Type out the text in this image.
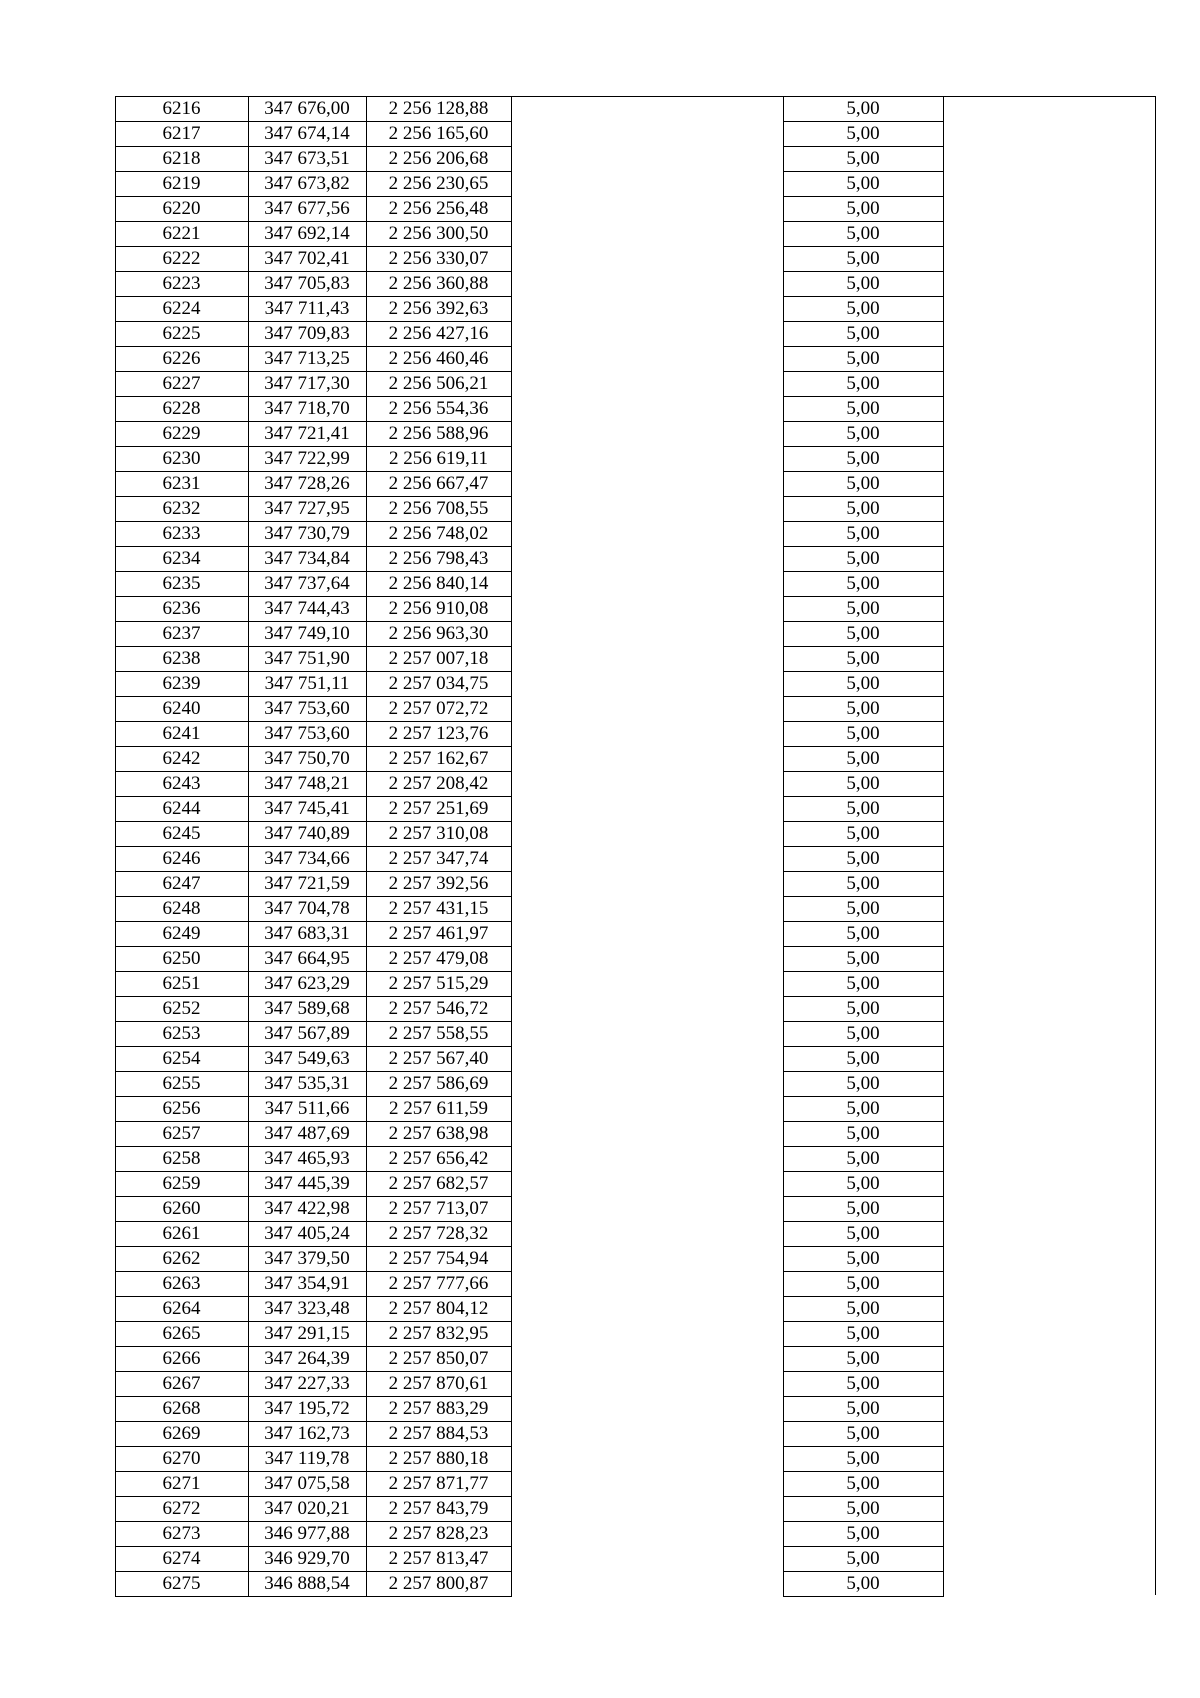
6216	347 676,00	2 256 128,88		5,00	
6217	347 674,14	2 256 165,60		5,00	
6218	347 673,51	2 256 206,68		5,00	
6219	347 673,82	2 256 230,65		5,00	
6220	347 677,56	2 256 256,48		5,00	
6221	347 692,14	2 256 300,50		5,00	
6222	347 702,41	2 256 330,07		5,00	
6223	347 705,83	2 256 360,88		5,00	
6224	347 711,43	2 256 392,63		5,00	
6225	347 709,83	2 256 427,16		5,00	
6226	347 713,25	2 256 460,46		5,00	
6227	347 717,30	2 256 506,21		5,00	
6228	347 718,70	2 256 554,36		5,00	
6229	347 721,41	2 256 588,96		5,00	
6230	347 722,99	2 256 619,11		5,00	
6231	347 728,26	2 256 667,47		5,00	
6232	347 727,95	2 256 708,55		5,00	
6233	347 730,79	2 256 748,02		5,00	
6234	347 734,84	2 256 798,43		5,00	
6235	347 737,64	2 256 840,14		5,00	
6236	347 744,43	2 256 910,08		5,00	
6237	347 749,10	2 256 963,30		5,00	
6238	347 751,90	2 257 007,18		5,00	
6239	347 751,11	2 257 034,75		5,00	
6240	347 753,60	2 257 072,72		5,00	
6241	347 753,60	2 257 123,76		5,00	
6242	347 750,70	2 257 162,67		5,00	
6243	347 748,21	2 257 208,42		5,00	
6244	347 745,41	2 257 251,69		5,00	
6245	347 740,89	2 257 310,08		5,00	
6246	347 734,66	2 257 347,74		5,00	
6247	347 721,59	2 257 392,56		5,00	
6248	347 704,78	2 257 431,15		5,00	
6249	347 683,31	2 257 461,97		5,00	
6250	347 664,95	2 257 479,08		5,00	
6251	347 623,29	2 257 515,29		5,00	
6252	347 589,68	2 257 546,72		5,00	
6253	347 567,89	2 257 558,55		5,00	
6254	347 549,63	2 257 567,40		5,00	
6255	347 535,31	2 257 586,69		5,00	
6256	347 511,66	2 257 611,59		5,00	
6257	347 487,69	2 257 638,98		5,00	
6258	347 465,93	2 257 656,42		5,00	
6259	347 445,39	2 257 682,57		5,00	
6260	347 422,98	2 257 713,07		5,00	
6261	347 405,24	2 257 728,32		5,00	
6262	347 379,50	2 257 754,94		5,00	
6263	347 354,91	2 257 777,66		5,00	
6264	347 323,48	2 257 804,12		5,00	
6265	347 291,15	2 257 832,95		5,00	
6266	347 264,39	2 257 850,07		5,00	
6267	347 227,33	2 257 870,61		5,00	
6268	347 195,72	2 257 883,29		5,00	
6269	347 162,73	2 257 884,53		5,00	
6270	347 119,78	2 257 880,18		5,00	
6271	347 075,58	2 257 871,77		5,00	
6272	347 020,21	2 257 843,79		5,00	
6273	346 977,88	2 257 828,23		5,00	
6274	346 929,70	2 257 813,47		5,00	
6275	346 888,54	2 257 800,87		5,00	
